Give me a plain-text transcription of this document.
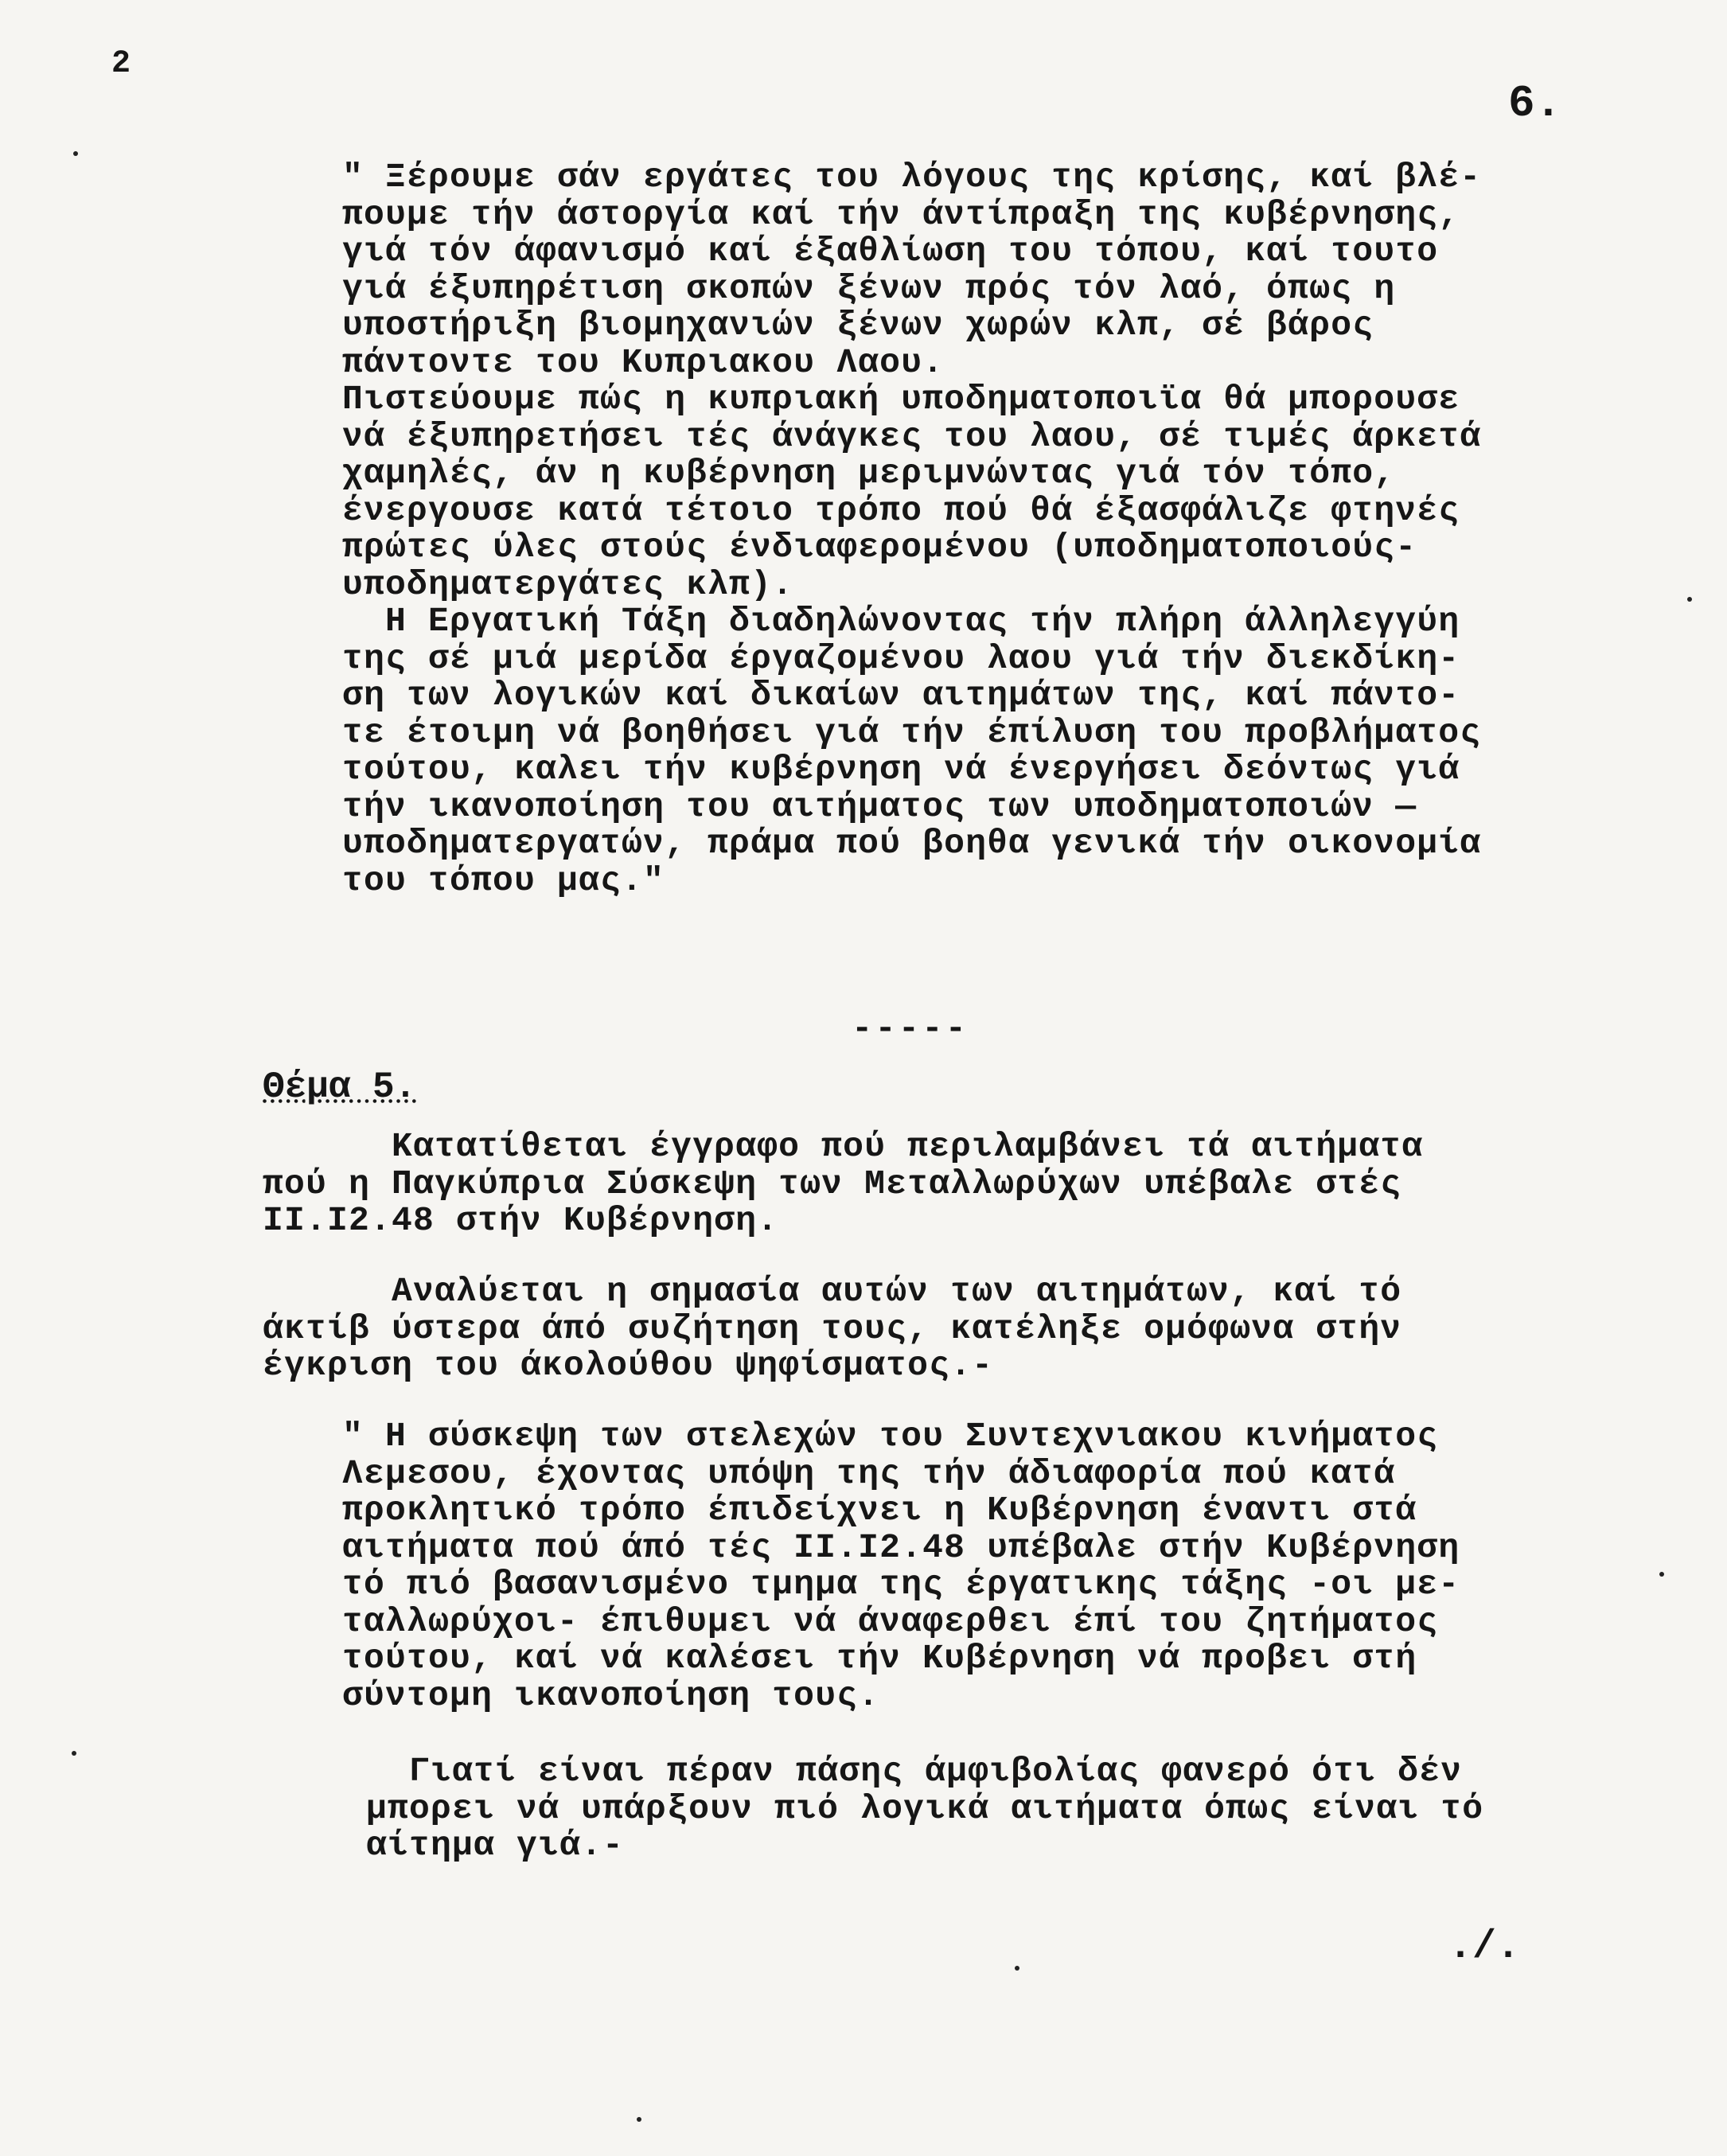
2
6.
" Ξέρουμε σάν εργάτες του λόγους της κρίσης, καί βλέ-
πουμε τήν άστοργία καί τήν άντίπραξη της κυβέρνησης,
γιά τόν άφανισμό καί έξαθλίωση του τόπου, καί τουτο
γιά έξυπηρέτιση σκοπών ξένων πρός τόν λαό, όπως η
υποστήριξη βιομηχανιών ξένων χωρών κλπ, σέ βάρος
πάντοντε του Κυπριακου Λαου.
Πιστεύουμε πώς η κυπριακή υποδηματοποιϊα θά μπορουσε
νά έξυπηρετήσει τές άνάγκες του λαου, σέ τιμές άρκετά
χαμηλές, άν η κυβέρνηση μεριμνώντας γιά τόν τόπο,
ένεργουσε κατά τέτοιο τρόπο πού θά έξασφάλιζε φτηνές
πρώτες ύλες στούς ένδιαφερομένου (υποδηματοποιούς-
υποδηματεργάτες κλπ).
Η Εργατική Τάξη διαδηλώνοντας τήν πλήρη άλληλεγγύη
της σέ μιά μερίδα έργαζομένου λαου γιά τήν διεκδίκη-
ση των λογικών καί δικαίων αιτημάτων της, καί πάντο-
τε έτοιμη νά βοηθήσει γιά τήν έπίλυση του προβλήματος
τούτου, καλει τήν κυβέρνηση νά ένεργήσει δεόντως γιά
τήν ικανοποίηση του αιτήματος των υποδηματοποιών —
υποδηματεργατών, πράμα πού βοηθα γενικά τήν οικονομία
του τόπου μας."
-----
Θέμα 5.
Κατατίθεται έγγραφο πού περιλαμβάνει τά αιτήματα
πού η Παγκύπρια Σύσκεψη των Μεταλλωρύχων υπέβαλε στές
ΙΙ.Ι2.48 στήν Κυβέρνηση.
Αναλύεται η σημασία αυτών των αιτημάτων, καί τό
άκτίβ ύστερα άπό συζήτηση τους, κατέληξε ομόφωνα στήν
έγκριση του άκολούθου ψηφίσματος.-
" Η σύσκεψη των στελεχών του Συντεχνιακου κινήματος
Λεμεσου, έχοντας υπόψη της τήν άδιαφορία πού κατά
προκλητικό τρόπο έπιδείχνει η Κυβέρνηση έναντι στά
αιτήματα πού άπό τές ΙΙ.Ι2.48 υπέβαλε στήν Κυβέρνηση
τό πιό βασανισμένο τμημα της έργατικης τάξης -οι με-
ταλλωρύχοι- έπιθυμει νά άναφερθει έπί του ζητήματος
τούτου, καί νά καλέσει τήν Κυβέρνηση νά προβει στή
σύντομη ικανοποίηση τους.
Γιατί είναι πέραν πάσης άμφιβολίας φανερό ότι δέν
μπορει νά υπάρξουν πιό λογικά αιτήματα όπως είναι τό
αίτημα γιά.-
./.
